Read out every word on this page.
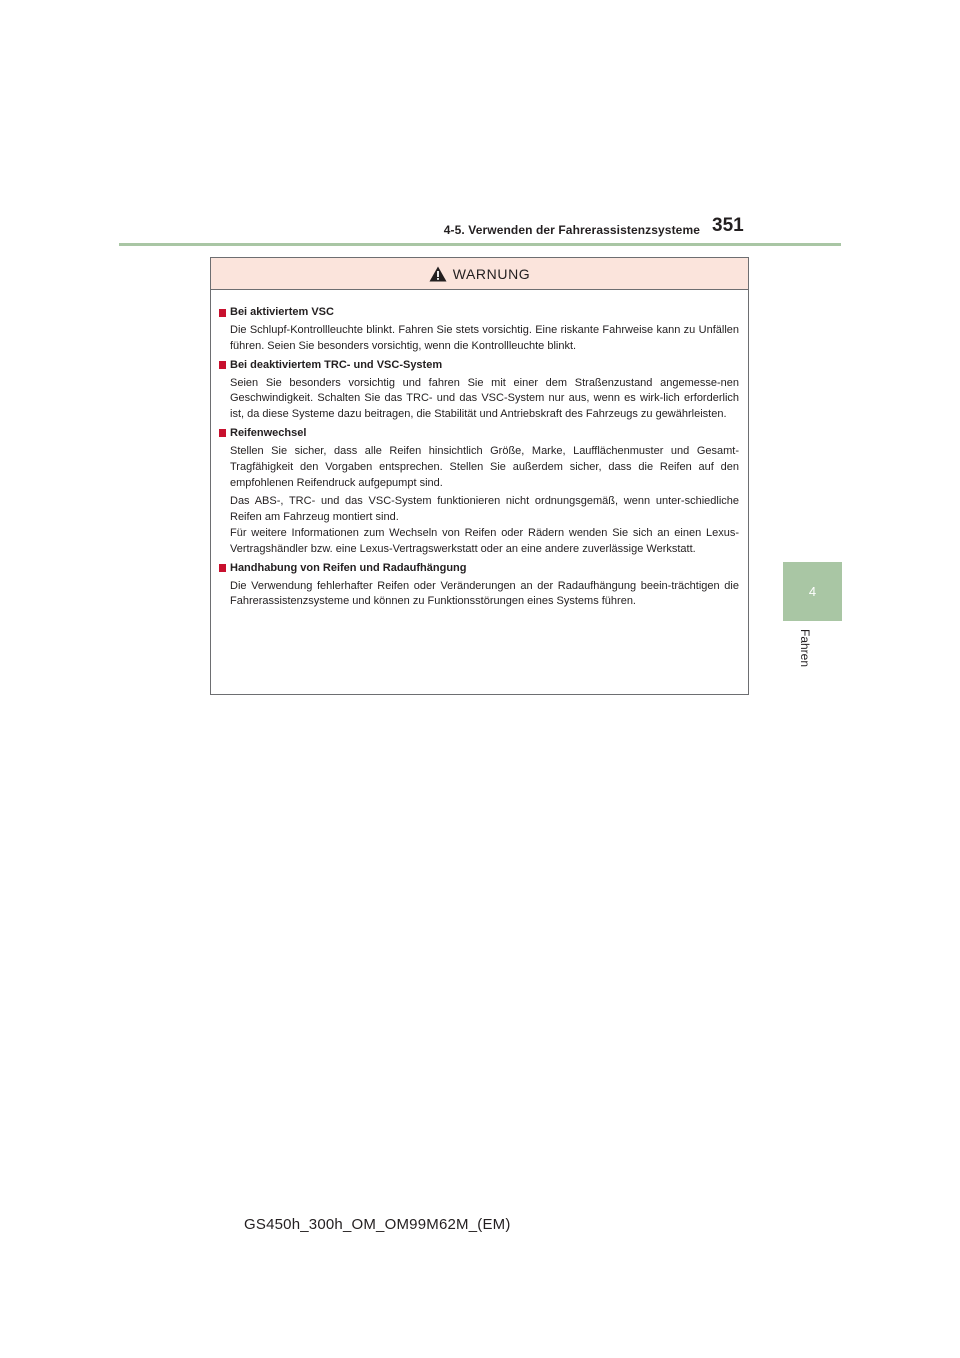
4-5. Verwenden der Fahrerassistenzsysteme 351
4
Fahren
WARNUNG
Bei aktiviertem VSC

Die Schlupf-Kontrollleuchte blinkt. Fahren Sie stets vorsichtig. Eine riskante Fahrweise kann zu Unfällen führen. Seien Sie besonders vorsichtig, wenn die Kontrollleuchte blinkt.

Bei deaktiviertem TRC- und VSC-System

Seien Sie besonders vorsichtig und fahren Sie mit einer dem Straßenzustand angemesse-nen Geschwindigkeit. Schalten Sie das TRC- und das VSC-System nur aus, wenn es wirk-lich erforderlich ist, da diese Systeme dazu beitragen, die Stabilität und Antriebskraft des Fahrzeugs zu gewährleisten.

Reifenwechsel

Stellen Sie sicher, dass alle Reifen hinsichtlich Größe, Marke, Laufflächenmuster und Gesamt-Tragfähigkeit den Vorgaben entsprechen. Stellen Sie außerdem sicher, dass die Reifen auf den empfohlenen Reifendruck aufgepumpt sind.

Das ABS-, TRC- und das VSC-System funktionieren nicht ordnungsgemäß, wenn unter-schiedliche Reifen am Fahrzeug montiert sind.

Für weitere Informationen zum Wechseln von Reifen oder Rädern wenden Sie sich an einen Lexus-Vertragshändler bzw. eine Lexus-Vertragswerkstatt oder an eine andere zuverlässige Werkstatt.

Handhabung von Reifen und Radaufhängung

Die Verwendung fehlerhafter Reifen oder Veränderungen an der Radaufhängung beein-trächtigen die Fahrerassistenzsysteme und können zu Funktionsstörungen eines Systems führen.

GS450h_300h_OM_OM99M62M_(EM)
